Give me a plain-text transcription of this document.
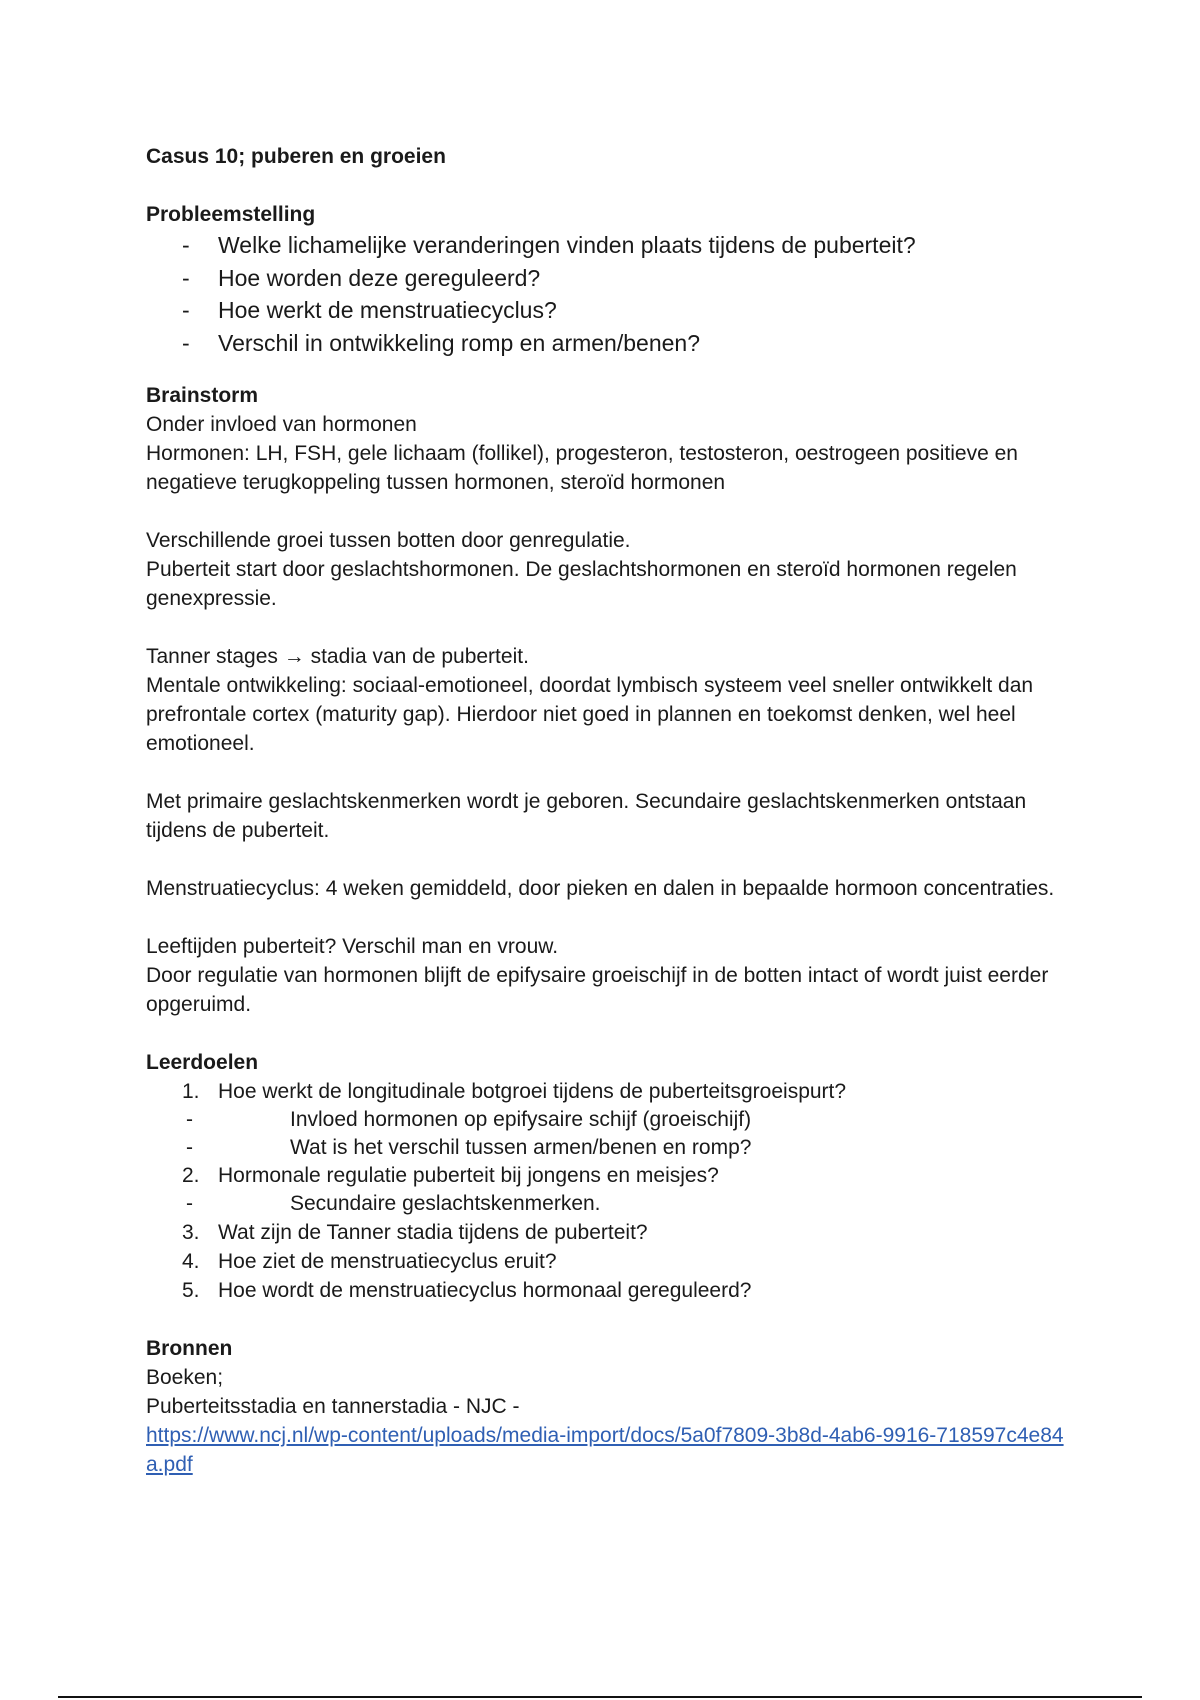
Casus 10; puberen en groeien

Probleemstelling

- Welke lichamelijke veranderingen vinden plaats tijdens de puberteit?
- Hoe worden deze gereguleerd?
- Hoe werkt de menstruatiecyclus?
- Verschil in ontwikkeling romp en armen/benen?

Brainstorm

Onder invloed van hormonen

Hormonen: LH, FSH, gele lichaam (follikel), progesteron, testosteron, oestrogeen positieve en negatieve terugkoppeling tussen hormonen, steroïd hormonen

Verschillende groei tussen botten door genregulatie.

Puberteit start door geslachtshormonen. De geslachtshormonen en steroïd hormonen regelen genexpressie.

Tanner stages → stadia van de puberteit.

Mentale ontwikkeling: sociaal-emotioneel, doordat lymbisch systeem veel sneller ontwikkelt dan prefrontale cortex (maturity gap). Hierdoor niet goed in plannen en toekomst denken, wel heel emotioneel.

Met primaire geslachtskenmerken wordt je geboren. Secundaire geslachtskenmerken ontstaan tijdens de puberteit.

Menstruatiecyclus: 4 weken gemiddeld, door pieken en dalen in bepaalde hormoon concentraties.

Leeftijden puberteit? Verschil man en vrouw.

Door regulatie van hormonen blijft de epifysaire groeischijf in de botten intact of wordt juist eerder opgeruimd.

Leerdoelen

1. Hoe werkt de longitudinale botgroei tijdens de puberteitsgroeispurt?
- Invloed hormonen op epifysaire schijf (groeischijf)
- Wat is het verschil tussen armen/benen en romp?
2. Hormonale regulatie puberteit bij jongens en meisjes?
- Secundaire geslachtskenmerken.
3. Wat zijn de Tanner stadia tijdens de puberteit?
4. Hoe ziet de menstruatiecyclus eruit?
5. Hoe wordt de menstruatiecyclus hormonaal gereguleerd?

Bronnen

Boeken;

Puberteitsstadia en tannerstadia - NJC -

https://www.ncj.nl/wp-content/uploads/media-import/docs/5a0f7809-3b8d-4ab6-9916-718597c4e84a.pdf
